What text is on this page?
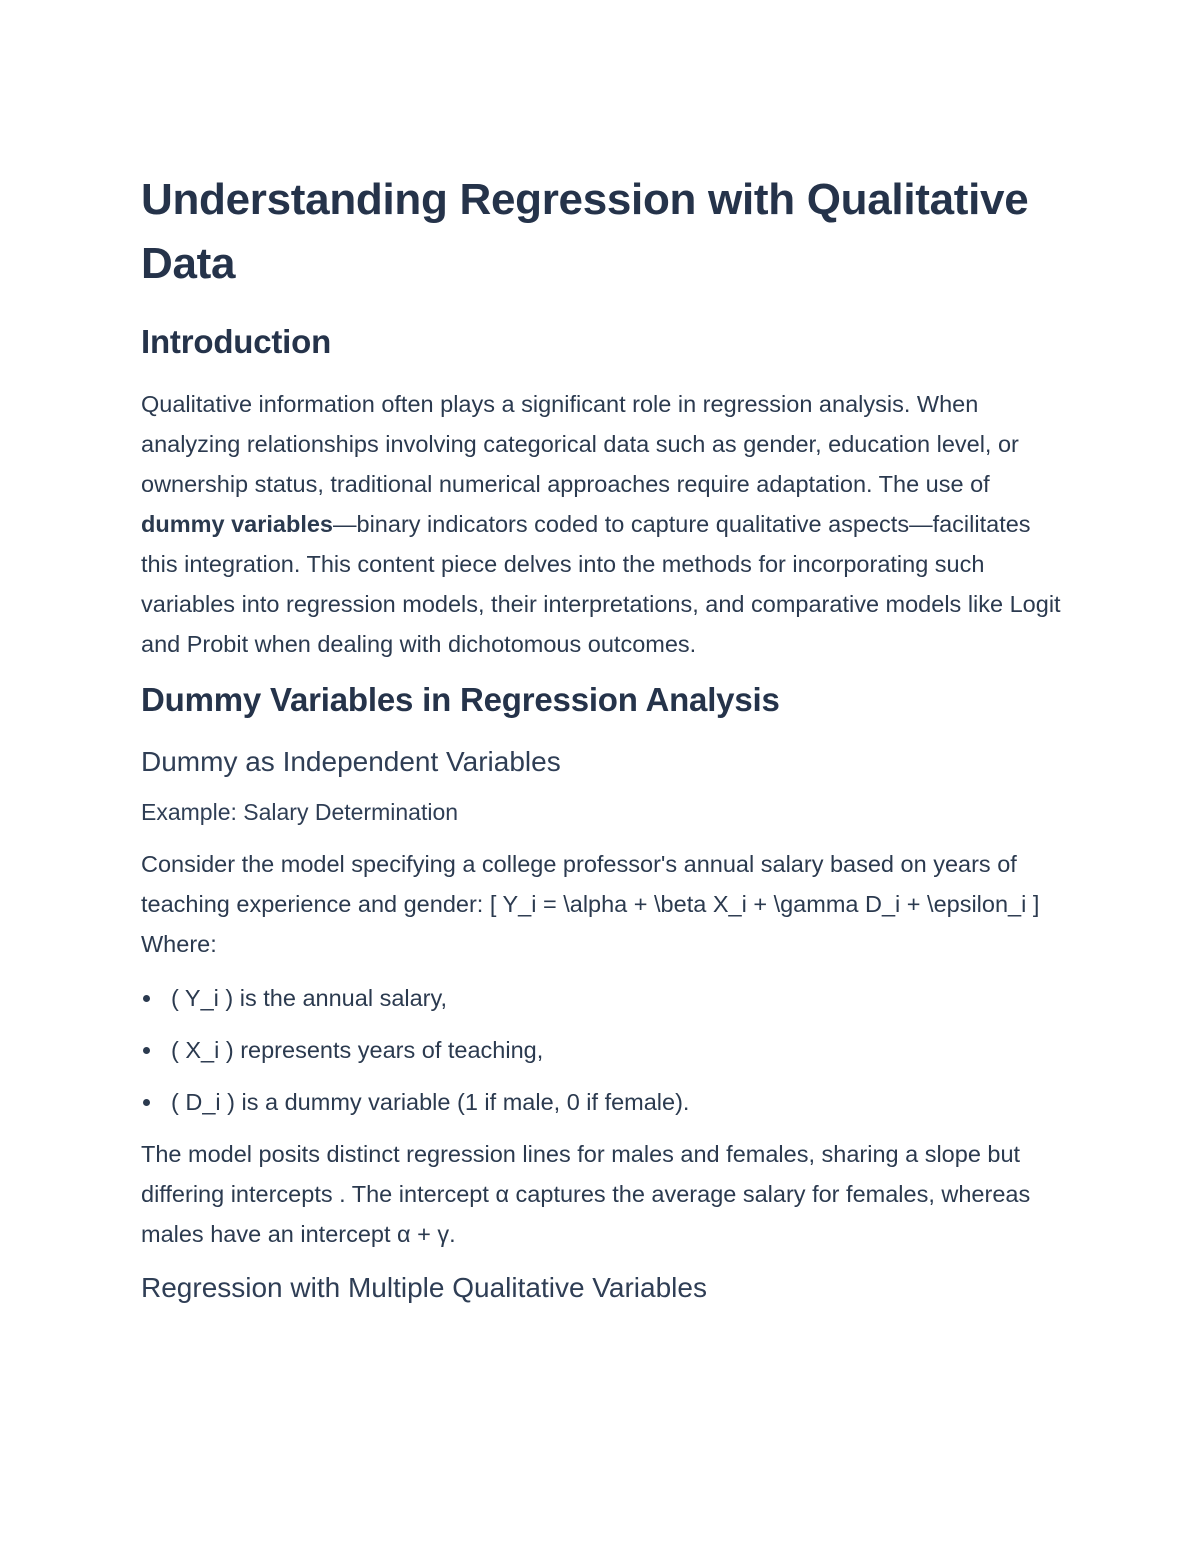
Understanding Regression with Qualitative Data
Introduction

Qualitative information often plays a significant role in regression analysis. When analyzing relationships involving categorical data such as gender, education level, or ownership status, traditional numerical approaches require adaptation. The use of dummy variables—binary indicators coded to capture qualitative aspects—facilitates this integration. This content piece delves into the methods for incorporating such variables into regression models, their interpretations, and comparative models like Logit and Probit when dealing with dichotomous outcomes.

Dummy Variables in Regression Analysis
Dummy as Independent Variables
Example: Salary Determination

Consider the model specifying a college professor's annual salary based on years of teaching experience and gender: [ Y_i = \alpha + \beta X_i + \gamma D_i + \epsilon_i ] Where:

( Y_i ) is the annual salary,
( X_i ) represents years of teaching,
( D_i ) is a dummy variable (1 if male, 0 if female).

The model posits distinct regression lines for males and females, sharing a slope but differing intercepts . The intercept α captures the average salary for females, whereas males have an intercept α + γ.

Regression with Multiple Qualitative Variables
